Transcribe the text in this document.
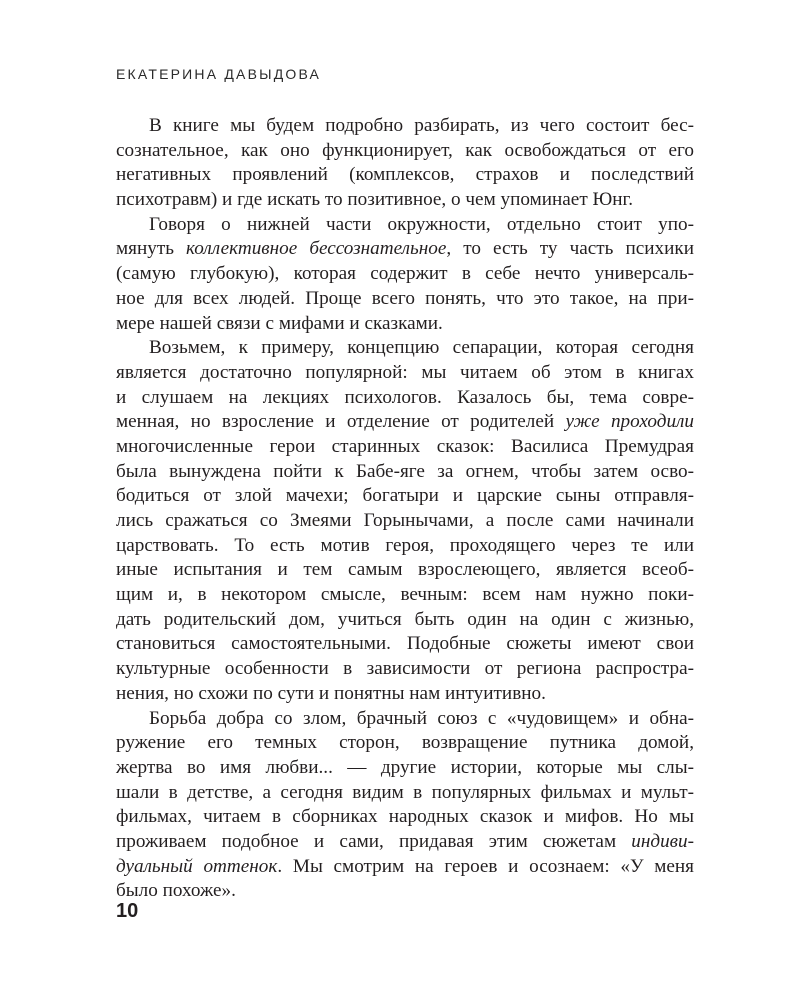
ЕКАТЕРИНА ДАВЫДОВА

В книге мы будем подробно разбирать, из чего состоит бес-
сознательное, как оно функционирует, как освобождаться от его
негативных проявлений (комплексов, страхов и последствий
психотравм) и где искать то позитивное, о чем упоминает Юнг.

Говоря о нижней части окружности, отдельно стоит упо-
мянуть коллективное бессознательное, то есть ту часть психики
(самую глубокую), которая содержит в себе нечто универсаль-
ное для всех людей. Проще всего понять, что это такое, на при-
мере нашей связи с мифами и сказками.

Возьмем, к примеру, концепцию сепарации, которая сегодня
является достаточно популярной: мы читаем об этом в книгах
и слушаем на лекциях психологов. Казалось бы, тема совре-
менная, но взросление и отделение от родителей уже проходили
многочисленные герои старинных сказок: Василиса Премудрая
была вынуждена пойти к Бабе-яге за огнем, чтобы затем осво-
бодиться от злой мачехи; богатыри и царские сыны отправля-
лись сражаться со Змеями Горынычами, а после сами начинали
царствовать. То есть мотив героя, проходящего через те или
иные испытания и тем самым взрослеющего, является всеоб-
щим и, в некотором смысле, вечным: всем нам нужно поки-
дать родительский дом, учиться быть один на один с жизнью,
становиться самостоятельными. Подобные сюжеты имеют свои
культурные особенности в зависимости от региона распростра-
нения, но схожи по сути и понятны нам интуитивно.

Борьба добра со злом, брачный союз с «чудовищем» и обна-
ружение его темных сторон, возвращение путника домой,
жертва во имя любви... — другие истории, которые мы слы-
шали в детстве, а сегодня видим в популярных фильмах и мульт-
фильмах, читаем в сборниках народных сказок и мифов. Но мы
проживаем подобное и сами, придавая этим сюжетам индиви-
дуальный оттенок. Мы смотрим на героев и осознаем: «У меня
было похоже».

10
